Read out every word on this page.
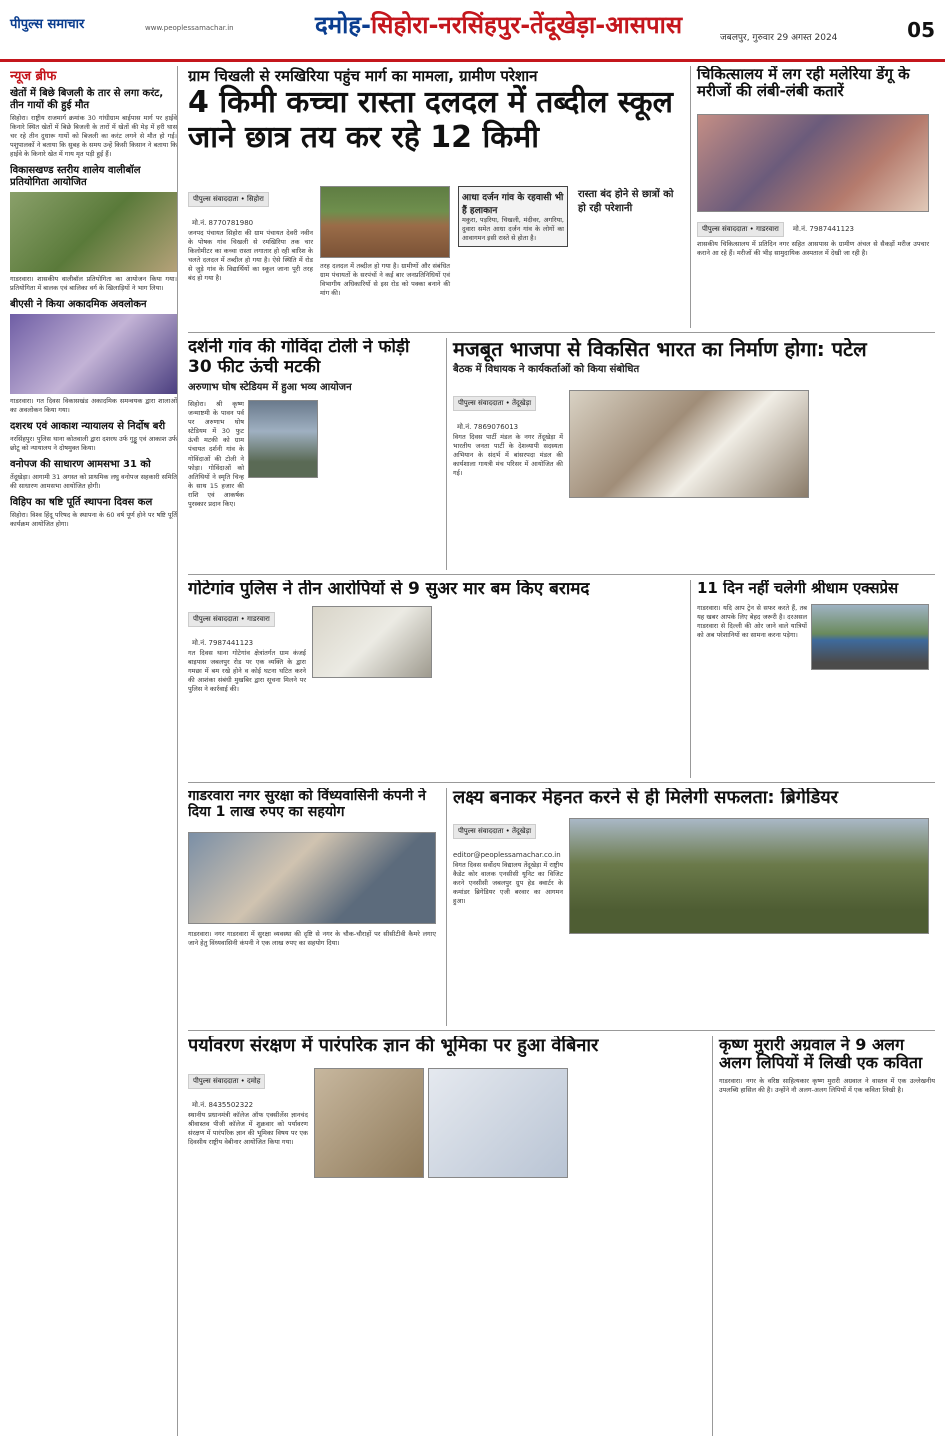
पीपुल्स समाचार	www.peoplessamachar.in	दमोह-सिहोरा-नरसिंहपुर-तेंदूखेड़ा-आसपास	जबलपुर, गुरुवार 29 अगस्त 2024	05
न्यूज ब्रीफ
खेतों में बिछे बिजली के तार से लगा करंट, तीन गायों की हुई मौत

सिहोरा। राष्ट्रीय राजमार्ग क्रमांक 30 गांधीग्राम बाईपास मार्ग पर हाईवे किनारे स्थित खेतों में बिछे बिजली के तारों में खेतों की मेड़ में हरी घास चर रहे तीन दुधारू गायों को बिजली का करंट लगने से मौत हो गई। पशुपालकों ने बताया कि सुबह के समय उन्हें किसी किसान ने बताया कि हाईवे के किनारे खेत में गाय मृत पड़ी हुई हैं।

विकासखण्ड स्तरीय शालेय वालीबॉल प्रतियोगिता आयोजित

गाडरवारा। शासकीय वालीबॉल प्रतियोगिता का आयोजन किया गया। प्रतियोगिता में बालक एवं बालिका वर्ग के खिलाड़ियों ने भाग लिया।

बीएसी ने किया अकादमिक अवलोकन

गाडरवारा। गत दिवस विकासखंड अकादमिक समन्वयक द्वारा शालाओं का अवलोकन किया गया।

दशरथ एवं आकाश न्यायालय से निर्दोष बरी

नरसिंहपुर। पुलिस थाना कोतवाली द्वारा दशरथ उर्फ गुड्डू एवं आकाश उर्फ छोटू को न्यायालय ने दोषमुक्त किया।

वनोपज की साधारण आमसभा 31 को

तेंदूखेड़ा। आगामी 31 अगस्त को प्राथमिक लघु वनोपज सहकारी समिति की साधारण आमसभा आयोजित होगी।

विहिप का षष्टि पूर्ति स्थापना दिवस कल

सिहोरा। विश्व हिंदू परिषद के स्थापना के 60 वर्ष पूर्ण होने पर षष्टि पूर्ति कार्यक्रम आयोजित होगा।

ग्राम चिखली से रमखिरिया पहुंच मार्ग का मामला, ग्रामीण परेशान
4 किमी कच्चा रास्ता दलदल में तब्दील स्कूल जाने छात्र तय कर रहे 12 किमी
पीपुल्स संवाददाता • सिहोरा मो.नं. 8770781980

जनपद पंचायत सिहोरा की ग्राम पंचायत देवरी नवीन के पोषक गांव चिखली से रमखिरिया तक चार किलोमीटर का कच्चा रास्ता लगातार हो रही बारिश के चलते दलदल में तब्दील हो गया है। ऐसे स्थिति में रोड से जुड़े गांव के विद्यार्थियों का स्कूल जाना पूरी तरह बंद हो गया है।

तरह दलदल में तब्दील हो गया है। ग्रामीणों और संबंधित ग्राम पंचायतों के सरपंचों ने कई बार जनप्रतिनिधियों एवं विभागीय अधिकारियों से इस रोड को पक्का बनाने की मांग की।

आधा दर्जन गांव के रहवासी भी हैं हलाकान

मकुरा, पड़रिया, चिखली, मंदीवर, अगरिया, दुवारा समेत आधा दर्जन गांव के लोगों का आवागमन इसी रास्ते से होता है।

रास्ता बंद होने से छात्रों को हो रही परेशानी
चिकित्सालय में लग रही मलेरिया डेंगू के मरीजों की लंबी-लंबी कतारें
पीपुल्स संवाददाता • गाडरवारा मो.नं. 7987441123

शासकीय चिकित्सालय में प्रतिदिन नगर सहित आसपास के ग्रामीण अंचल से सैकड़ों मरीज उपचार कराने आ रहे हैं। मरीजों की भीड़ सामुदायिक अस्पताल में देखी जा रही है।

दर्शनी गांव की गोविंदा टोली ने फोड़ी 30 फीट ऊंची मटकी
अरुणाभ घोष स्टेडियम में हुआ भव्य आयोजन

सिहोरा। श्री कृष्ण जन्माष्टमी के पावन पर्व पर अरुणाभ घोष स्टेडियम में 30 फुट ऊंची मटकी को ग्राम पंचायत दर्शनी गांव के गोविंदाओं की टोली ने फोड़ा। गोविंदाओं को अतिथियों ने स्मृति चिन्ह के साथ 15 हजार की राशि एवं आकर्षक पुरस्कार प्रदान किए।

मजबूत भाजपा से विकसित भारत का निर्माण होगा: पटेल
बैठक में विधायक ने कार्यकर्ताओं को किया संबोधित
पीपुल्स संवाददाता • तेंदूखेड़ा मो.नं. 7869076013

विगत दिवस पार्टी मंडल के नगर तेंदूखेड़ा में भारतीय जनता पार्टी के देशव्यापी सदस्यता अभियान के संदर्भ में बांसरपदा मंडल की कार्यशाला गायत्री मंच परिसर में आयोजित की गई।

गोटेगांव पुलिस ने तीन आरोपियों से 9 सुअर मार बम किए बरामद
पीपुल्स संवाददाता • गाडरवारा मो.नं. 7987441123

गत दिवस थाना गोटेगांव क्षेत्रांतर्गत ग्राम कंजई बाइपास जबलपुर रोड पर एक व्यक्ति के द्वारा गमछा में बम रखे होने व कोई घटना घटित करने की आशंका संबंधी मुखबिर द्वारा सूचना मिलने पर पुलिस ने कार्रवाई की।

11 दिन नहीं चलेगी श्रीधाम एक्सप्रेस

गाडरवारा। यदि आप ट्रेन से सफर करते हैं, तब यह खबर आपके लिए बेहद जरूरी है। दरअसल गाडरवारा से दिल्ली की ओर जाने वाले यात्रियों को अब परेशानियों का सामना करना पड़ेगा।

गाडरवारा नगर सुरक्षा को विंध्यवासिनी कंपनी ने दिया 1 लाख रुपए का सहयोग

गाडरवारा। नगर गाडरवारा में सुरक्षा व्यवस्था की दृष्टि से नगर के चौक-चौराहों पर सीसीटीवी कैमरे लगाए जाने हेतु विंध्यवासिनी कंपनी ने एक लाख रुपए का सहयोग दिया।

लक्ष्य बनाकर मेहनत करने से ही मिलेगी सफलता: ब्रिगेडियर
पीपुल्स संवाददाता • तेंदूखेड़ा editor@peoplessamachar.co.in

विगत दिवस सर्वोदय विद्यालय तेंदूखेड़ा में राष्ट्रीय कैडेट कोर वालक एनसीसी यूनिट का विजिट करने एनसीसी जबलपुर ग्रुप हेड क्वार्टर के कमांडर ब्रिगेडियर एजी बरवार का आगमन हुआ।

पर्यावरण संरक्षण में पारंपरिक ज्ञान की भूमिका पर हुआ वेबिनार
पीपुल्स संवाददाता • दमोह मो.नं. 8435502322

स्थानीय प्रधानमंत्री कॉलेज ऑफ एक्सीलेंस ज्ञानचंद श्रीवास्तव पीजी कॉलेज में शुक्रवार को पर्यावरण संरक्षण में पारंपरिक ज्ञान की भूमिका विषय पर एक दिवसीय राष्ट्रीय वेबीनार आयोजित किया गया।

कृष्ण मुरारी अग्रवाल ने 9 अलग अलग लिपियों में लिखी एक कविता

गाडरवारा। नगर के वरिष्ठ साहित्यकार कृष्ण मुरारी अग्रवाल ने वास्तव में एक उल्लेखनीय उपलब्धि हासिल की है। उन्होंने नौ अलग-अलग लिपियों में एक कविता लिखी है।
